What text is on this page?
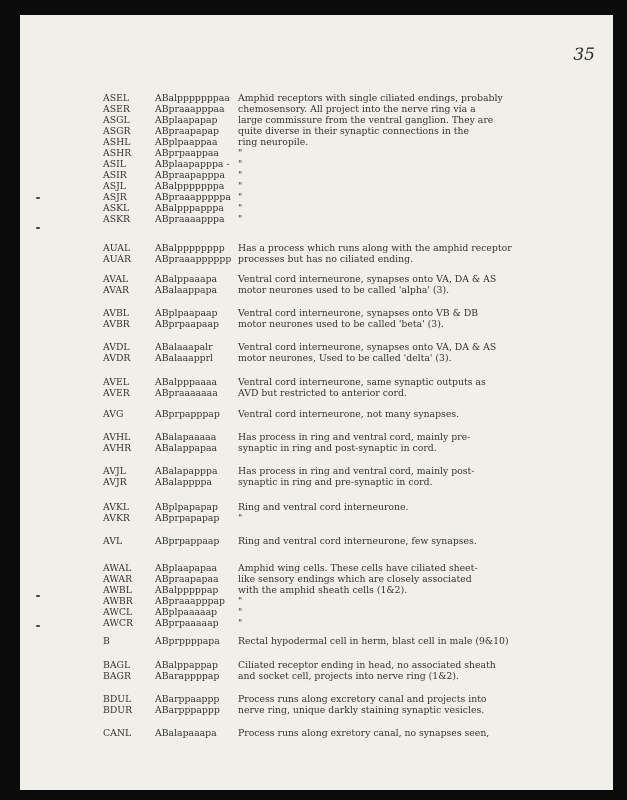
35
ASEL	ABalpppppppaa Amphid receptors with single ciliated endings, probably
ASER	ABpraaapppaa chemosensory. All project into the nerve ring via a
ASGL	ABplaapapap large commissure from the ventral ganglion. They are
ASGR	ABpraapapap quite diverse in their synaptic connections in the
ASHL	ABplpaappaa ring neuropile.
ASHR	ABprpaappaa "
ASIL	ABplaapapppa - "
ASIR	ABpraapapppa "
ASJL	ABalpppppppa "
ASJR	ABpraaapppppa "
ASKL	ABalpppapppa "
ASKR	ABpraaaapppa "
AUAL	ABalpppppppp Has a process which runs along with the amphid receptor
AUAR	ABpraaapppppp processes but has no ciliated ending.
AVAL	ABalppaaapa Ventral cord interneurone, synapses onto VA, DA & AS
AVAR	ABalaappapa motor neurones used to be called 'alpha' (3).
AVBL	ABplpaapaap Ventral cord interneurone, synapses onto VB & DB
AVBR	ABprpaapaap motor neurones used to be called 'beta' (3).
AVDL	ABalaaapalr	Ventral cord interneurone, synapses onto VA, DA & AS
AVDR	ABalaaapprl	motor neurones, Used to be called 'delta' (3).
AVEL	ABalpppaaaa Ventral cord interneurone, same synaptic outputs as
AVER	ABpraaaaaaa AVD but restricted to anterior cord.
AVG	ABprpapppap Ventral cord interneurone, not many synapses.
AVHL	ABalapaaaaa Has process in ring and ventral cord, mainly pre-
AVHR	ABalappapaa synaptic in ring and post-synaptic in cord.
AVJL	ABalapapppa Has process in ring and ventral cord, mainly post-
AVJR	ABalappppa	synaptic in ring and pre-synaptic in cord.
AVKL	ABplpapapap Ring and ventral cord interneurone.
AVKR	ABprpapapap "
AVL	ABprpappaap Ring and ventral cord interneurone, few synapses.
AWAL	ABplaapapaa Amphid wing cells. These cells have ciliated sheet-
AWAR ABpraapapaa like sensory endings which are closely associated
AWBL ABalpppppap with the amphid sheath cells (1&2).
AWBR ABpraaapppap "
AWCL ABplpaaaaap "
AWCR ABprpaaaaap "
B	ABprppppapa Rectal hypodermal cell in herm, blast cell in male (9&10)
BAGL	ABalppappap Ciliated receptor ending in head, no associated sheath
BAGR	ABarappppap and socket cell, projects into nerve ring (1&2).
BDUL	ABarppaappp Process runs along excretory canal and projects into
BDUR ABarpppappp nerve ring, unique darkly staining synaptic vesicles.
CANL	ABalapaaapa Process runs along exretory canal, no synapses seen,
